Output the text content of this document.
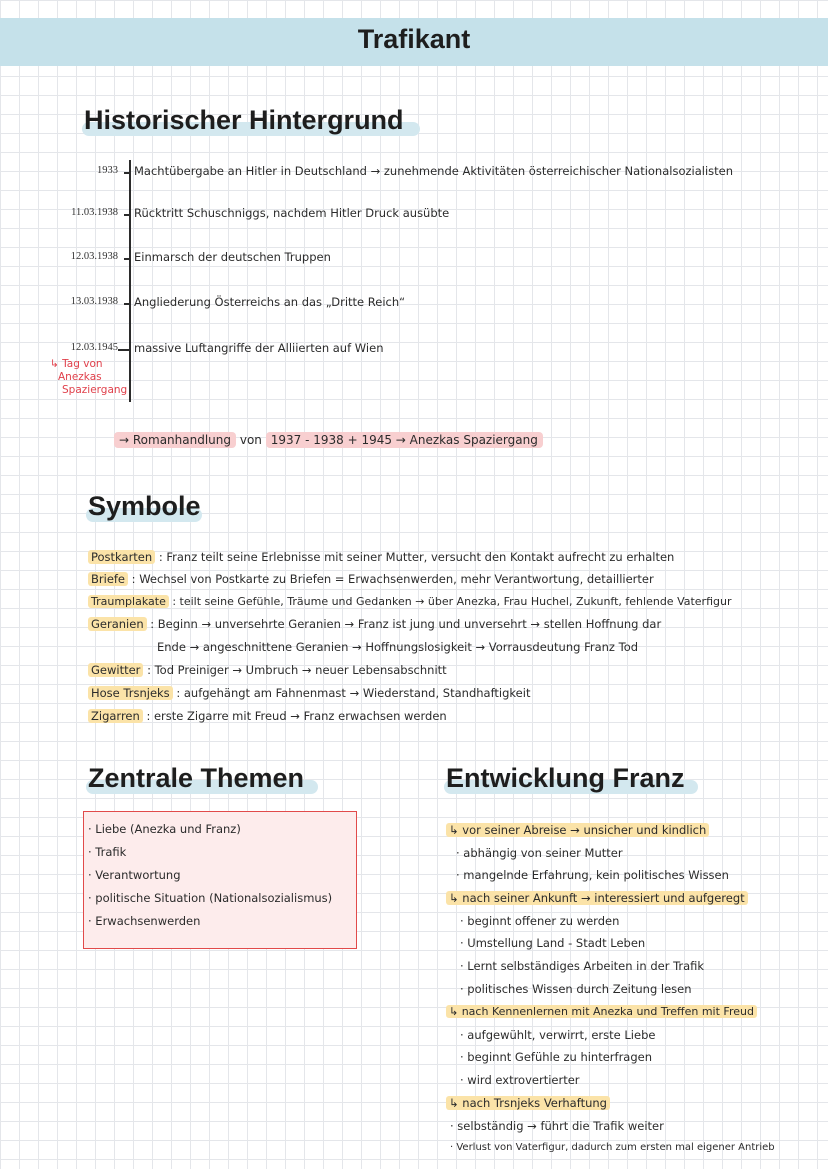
Trafikant
Historischer Hintergrund
1933 Machtübergabe an Hitler in Deutschland → zunehmende Aktivitäten österreichischer Nationalsozialisten
11.03.1938 Rücktritt Schuschniggs, nachdem Hitler Druck ausübte
12.03.1938 Einmarsch der deutschen Truppen
13.03.1938 Angliederung Österreichs an das „Dritte Reich“
12.03.1945 massive Luftangriffe der Alliierten auf Wien
↳ Tag von
Anezkas
Spaziergang
→ Romanhandlung von 1937 - 1938 + 1945 → Anezkas Spaziergang
Symbole
Postkarten : Franz teilt seine Erlebnisse mit seiner Mutter, versucht den Kontakt aufrecht zu erhalten
Briefe : Wechsel von Postkarte zu Briefen = Erwachsenwerden, mehr Verantwortung, detaillierter
Traumplakate : teilt seine Gefühle, Träume und Gedanken → über Anezka, Frau Huchel, Zukunft, fehlende Vaterfigur
Geranien : Beginn → unversehrte Geranien → Franz ist jung und unversehrt → stellen Hoffnung dar
Ende → angeschnittene Geranien → Hoffnungslosigkeit → Vorrausdeutung Franz Tod
Gewitter : Tod Preiniger → Umbruch → neuer Lebensabschnitt
Hose Trsnjeks : aufgehängt am Fahnenmast → Wiederstand, Standhaftigkeit
Zigarren : erste Zigarre mit Freud → Franz erwachsen werden
Zentrale Themen
· Liebe (Anezka und Franz)
· Trafik
· Verantwortung
· politische Situation (Nationalsozialismus)
· Erwachsenwerden
Entwicklung Franz
↳ vor seiner Abreise → unsicher und kindlich
· abhängig von seiner Mutter
· mangelnde Erfahrung, kein politisches Wissen
↳ nach seiner Ankunft → interessiert und aufgeregt
· beginnt offener zu werden
· Umstellung Land - Stadt Leben
· Lernt selbständiges Arbeiten in der Trafik
· politisches Wissen durch Zeitung lesen
↳ nach Kennenlernen mit Anezka und Treffen mit Freud
· aufgewühlt, verwirrt, erste Liebe
· beginnt Gefühle zu hinterfragen
· wird extrovertierter
↳ nach Trsnjeks Verhaftung
· selbständig → führt die Trafik weiter
· Verlust von Vaterfigur, dadurch zum ersten mal eigener Antrieb
